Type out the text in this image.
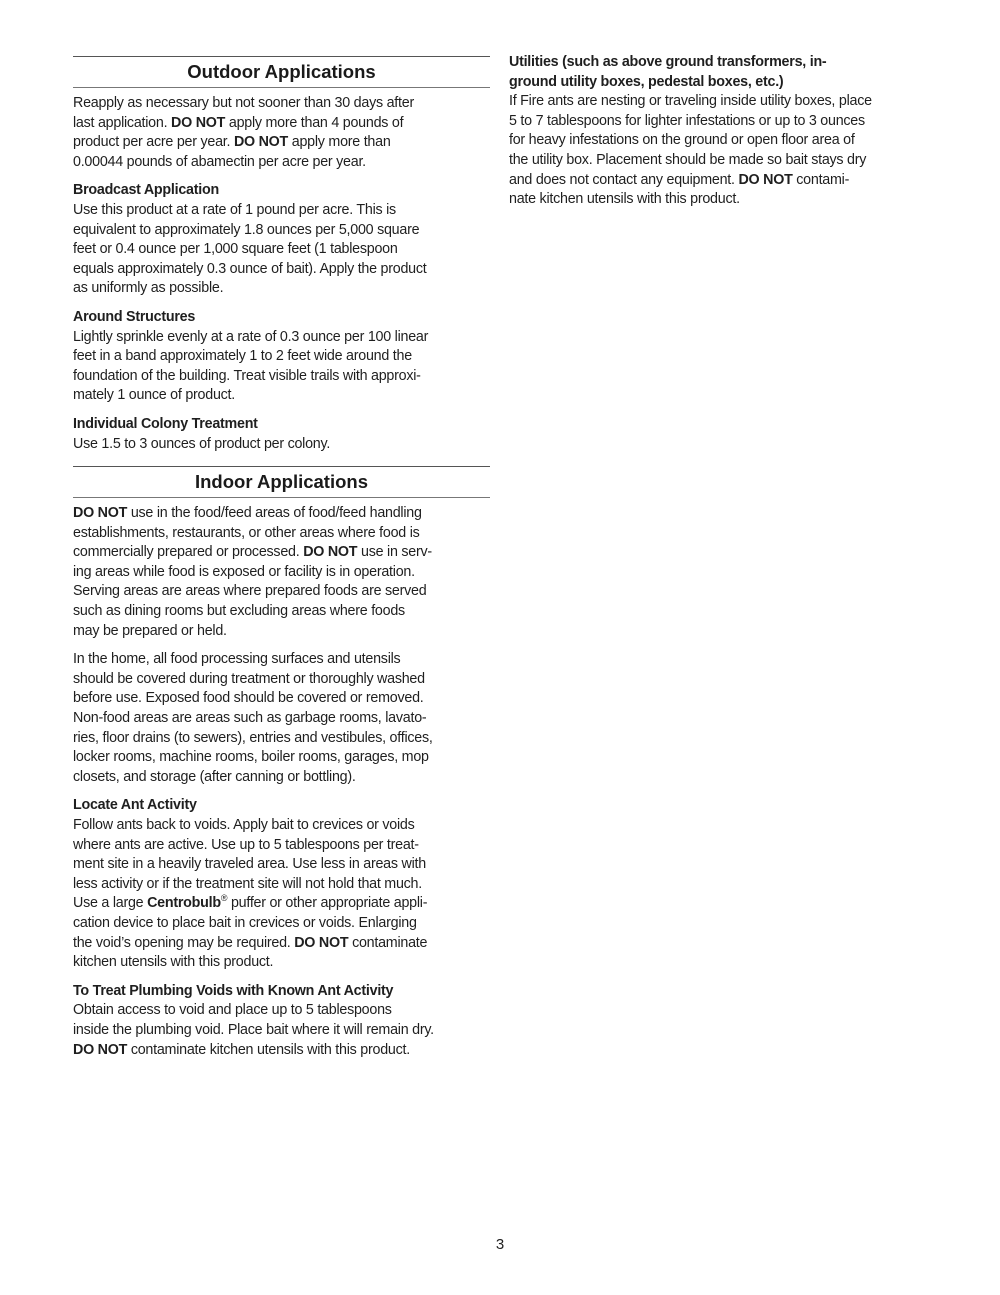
Outdoor Applications

Reapply as necessary but not sooner than 30 days after
last application. DO NOT apply more than 4 pounds of
product per acre per year. DO NOT apply more than
0.00044 pounds of abamectin per acre per year.

Broadcast Application
Use this product at a rate of 1 pound per acre. This is
equivalent to approximately 1.8 ounces per 5,000 square
feet or 0.4 ounce per 1,000 square feet (1 tablespoon
equals approximately 0.3 ounce of bait). Apply the product
as uniformly as possible.

Around Structures
Lightly sprinkle evenly at a rate of 0.3 ounce per 100 linear
feet in a band approximately 1 to 2 feet wide around the
foundation of the building. Treat visible trails with approxi-
mately 1 ounce of product.

Individual Colony Treatment
Use 1.5 to 3 ounces of product per colony.

Indoor Applications

DO NOT use in the food/feed areas of food/feed handling
establishments, restaurants, or other areas where food is
commercially prepared or processed. DO NOT use in serv-
ing areas while food is exposed or facility is in operation.
Serving areas are areas where prepared foods are served
such as dining rooms but excluding areas where foods
may be prepared or held.

In the home, all food processing surfaces and utensils
should be covered during treatment or thoroughly washed
before use. Exposed food should be covered or removed.
Non-food areas are areas such as garbage rooms, lavato-
ries, floor drains (to sewers), entries and vestibules, offices,
locker rooms, machine rooms, boiler rooms, garages, mop
closets, and storage (after canning or bottling).

Locate Ant Activity
Follow ants back to voids. Apply bait to crevices or voids
where ants are active. Use up to 5 tablespoons per treat-
ment site in a heavily traveled area. Use less in areas with
less activity or if the treatment site will not hold that much.
Use a large Centrobulb® puffer or other appropriate appli-
cation device to place bait in crevices or voids. Enlarging
the void’s opening may be required. DO NOT contaminate
kitchen utensils with this product.

To Treat Plumbing Voids with Known Ant Activity
Obtain access to void and place up to 5 tablespoons
inside the plumbing void. Place bait where it will remain dry.
DO NOT contaminate kitchen utensils with this product.

Utilities (such as above ground transformers, in-
ground utility boxes, pedestal boxes, etc.)
If Fire ants are nesting or traveling inside utility boxes, place
5 to 7 tablespoons for lighter infestations or up to 3 ounces
for heavy infestations on the ground or open floor area of
the utility box. Placement should be made so bait stays dry
and does not contact any equipment. DO NOT contami-
nate kitchen utensils with this product.

3
